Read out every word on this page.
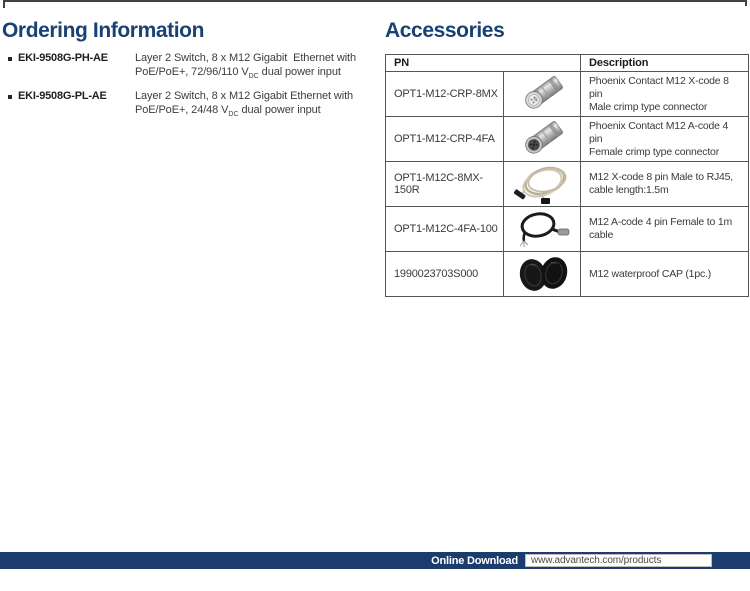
Ordering Information
EKI-9508G-PH-AE	Layer 2 Switch, 8 x M12 Gigabit  Ethernet with
PoE/PoE+, 72/96/110 $V_{DC}$ dual power input
EKI-9508G-PL-AE	Layer 2 Switch, 8 x M12 Gigabit Ethernet with
PoE/PoE+, 24/48 $V_{DC}$ dual power input
Accessories
PN		Description
OPT1-M12-CRP-8MX		Phoenix Contact M12 X-code 8 pin
Male crimp type connector

OPT1-M12-CRP-4FA		Phoenix Contact M12 A-code 4 pin
Female crimp type connector

OPT1-M12C-8MX-150R		M12 X-code 8 pin Male to RJ45,
cable length:1.5m

OPT1-M12C-4FA-100		M12 A-code 4 pin Female to 1m
cable

1990023703S000		M12 waterproof CAP (1pc.)
Online Download www.advantech.com/products
